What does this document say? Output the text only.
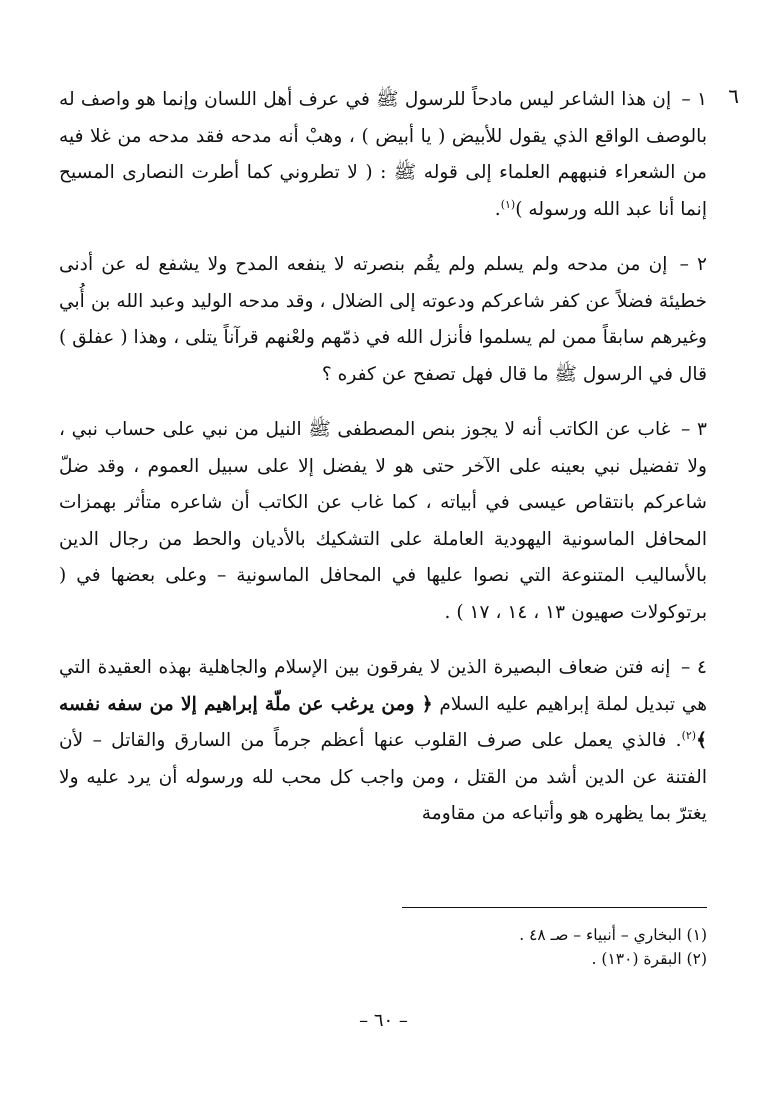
٦

١ – إن هذا الشاعر ليس مادحاً للرسول ﷺ في عرف أهل اللسان وإنما هو واصف له بالوصف الواقع الذي يقول للأبيض ( يا أبيض ) ، وهبْ أنه مدحه فقد مدحه من غلا فيه من الشعراء فنبههم العلماء إلى قوله ﷺ : ( لا تطروني كما أطرت النصارى المسيح إنما أنا عبد الله ورسوله )$^{(١)}$.

٢ – إن من مدحه ولم يسلم ولم يقُم بنصرته لا ينفعه المدح ولا يشفع له عن أدنى خطيئة فضلاً عن كفر شاعركم ودعوته إلى الضلال ، وقد مدحه الوليد وعبد الله بن أُبي وغيرهم سابقاً ممن لم يسلموا فأنزل الله في ذمّهم ولعْنهم قرآناً يتلى ، وهذا ( عفلق ) قال في الرسول ﷺ ما قال فهل تصفح عن كفره ؟

٣ – غاب عن الكاتب أنه لا يجوز بنص المصطفى ﷺ النيل من نبي على حساب نبي ، ولا تفضيل نبي بعينه على الآخر حتى هو لا يفضل إلا على سبيل العموم ، وقد ضلّ شاعركم بانتقاص عيسى في أبياته ، كما غاب عن الكاتب أن شاعره متأثر بهمزات المحافل الماسونية اليهودية العاملة على التشكيك بالأديان والحط من رجال الدين بالأساليب المتنوعة التي نصوا عليها في المحافل الماسونية – وعلى بعضها في ( برتوكولات صهيون ١٣ ، ١٤ ، ١٧ ) .

٤ – إنه فتن ضعاف البصيرة الذين لا يفرقون بين الإسلام والجاهلية بهذه العقيدة التي هي تبديل لملة إبراهيم عليه السلام ﴿ ومن يرغب عن ملّة إبراهيم إلا من سفه نفسه ﴾$^{(٢)}$. فالذي يعمل على صرف القلوب عنها أعظم جرماً من السارق والقاتل – لأن الفتنة عن الدين أشد من القتل ، ومن واجب كل محب لله ورسوله أن يرد عليه ولا يغترّ بما يظهره هو وأتباعه من مقاومة

(١) البخاري – أنبياء – صـ ٤٨ .
(٢) البقرة (١٣٠) .
– ٦٠ –
